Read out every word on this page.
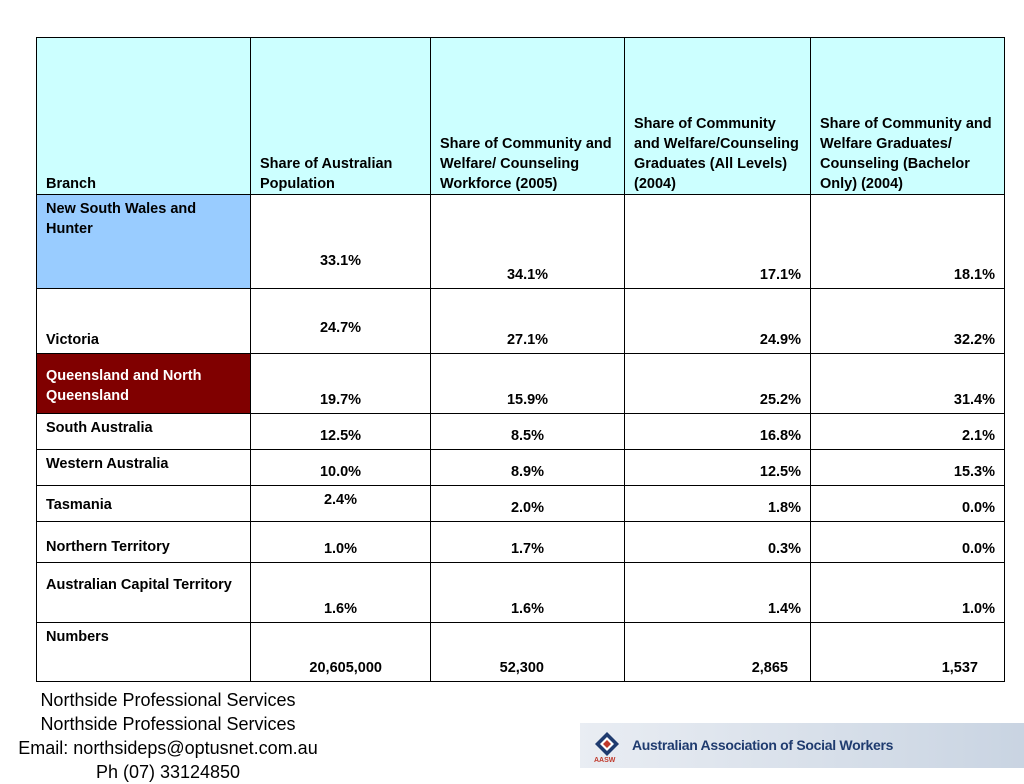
Branch	Share of Australian Population	Share of Community and Welfare/ Counseling Workforce (2005)	Share of Community and Welfare/Counseling Graduates (All Levels) (2004)	Share of Community and Welfare Graduates/ Counseling (Bachelor Only) (2004)
New South Wales and Hunter	33.1%	34.1%	17.1%	18.1%
Victoria	24.7%	27.1%	24.9%	32.2%
Queensland and North Queensland	19.7%	15.9%	25.2%	31.4%
South Australia	12.5%	8.5%	16.8%	2.1%
Western Australia	10.0%	8.9%	12.5%	15.3%
Tasmania	2.4%	2.0%	1.8%	0.0%
Northern Territory	1.0%	1.7%	0.3%	0.0%
Australian Capital Territory	1.6%	1.6%	1.4%	1.0%
Numbers	20,605,000	52,300	2,865	1,537
Northside Professional Services
Northside Professional Services
Email: northsideps@optusnet.com.au
Ph (07) 33124850
AASW
Australian Association of Social Workers
